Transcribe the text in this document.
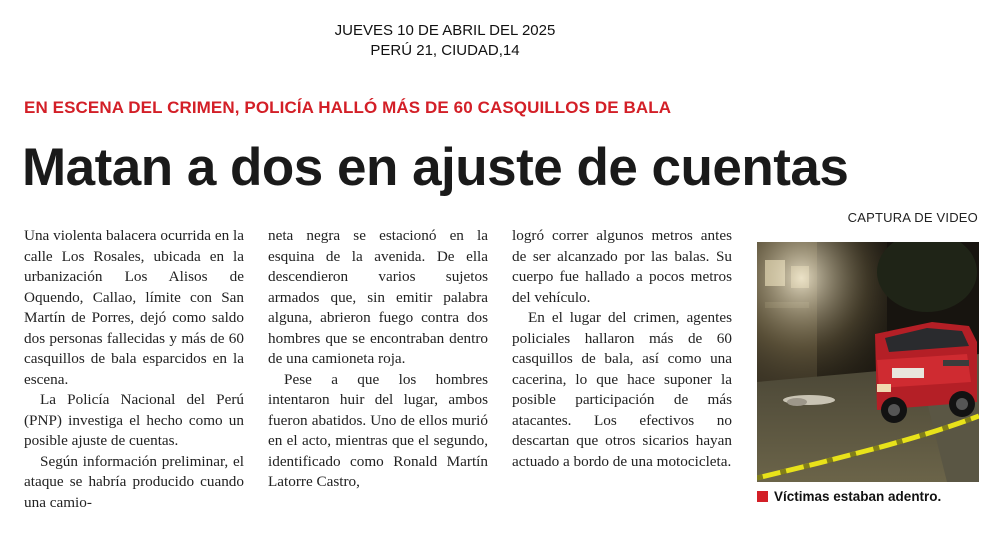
JUEVES 10 DE ABRIL DEL 2025
PERÚ 21, CIUDAD,14
EN ESCENA DEL CRIMEN, POLICÍA HALLÓ MÁS DE 60 CASQUILLOS DE BALA
Matan a dos en ajuste de cuentas

Una violenta balacera ocurrida en la calle Los Rosales, ubicada en la urbanización Los Alisos de Oquendo, Callao, límite con San Martín de Porres, dejó como saldo dos personas fallecidas y más de 60 casquillos de bala esparcidos en la escena.

La Policía Nacional del Perú (PNP) investiga el hecho como un posible ajuste de cuentas.

Según información preliminar, el ataque se habría producido cuando una camio-

neta negra se estacionó en la esquina de la avenida. De ella descendieron varios sujetos armados que, sin emitir palabra alguna, abrieron fuego contra dos hombres que se encontraban dentro de una camioneta roja.

Pese a que los hombres intentaron huir del lugar, ambos fueron abatidos. Uno de ellos murió en el acto, mientras que el segundo, identificado como Ronald Martín Latorre Castro,

logró correr algunos metros antes de ser alcanzado por las balas. Su cuerpo fue hallado a pocos metros del vehículo.

En el lugar del crimen, agentes policiales hallaron más de 60 casquillos de bala, así como una cacerina, lo que hace suponer la posible participación de más atacantes. Los efectivos no descartan que otros sicarios hayan actuado a bordo de una motocicleta.

CAPTURA DE VIDEO
Víctimas estaban adentro.
